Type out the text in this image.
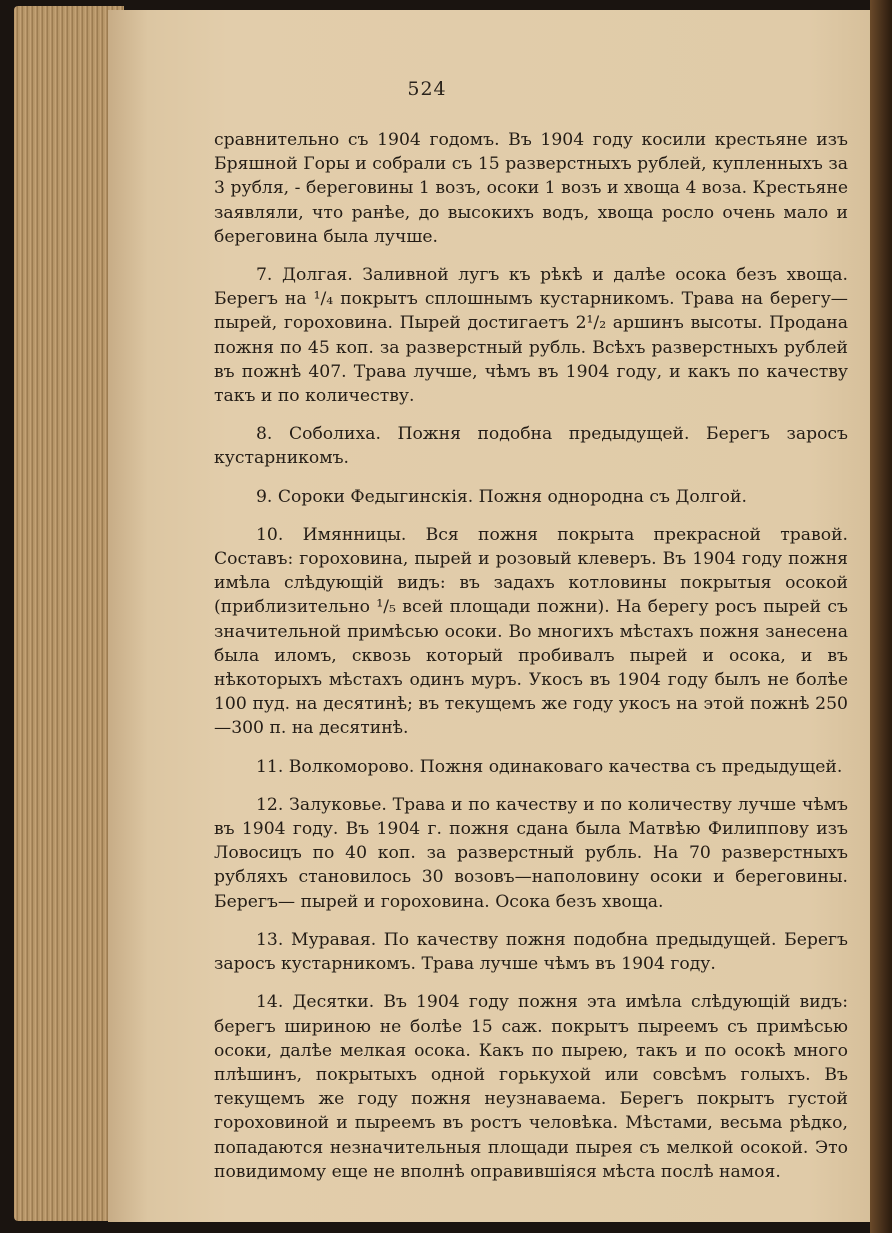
524

сравнительно съ 1904 годомъ. Въ 1904 году косили крестьяне изъ Бряшной Горы и собрали съ 15 разверстныхъ рублей, купленныхъ за 3 рубля, - береговины 1 возъ, осоки 1 возъ и хвоща 4 воза. Крестьяне заявляли, что ранѣе, до высокихъ водъ, хвоща росло очень мало и береговина была лучше.

7. Долгая. Заливной лугъ къ рѣкѣ и далѣе осока безъ хвоща. Берегъ на ¹/₄ покрытъ сплошнымъ кустарникомъ. Трава на берегу— пырей, гороховина. Пырей достигаетъ 2¹/₂ аршинъ высоты. Продана пожня по 45 коп. за разверстный рубль. Всѣхъ разверстныхъ рублей въ пожнѣ 407. Трава лучше, чѣмъ въ 1904 году, и какъ по качеству такъ и по количеству.

8. Соболиха. Пожня подобна предыдущей. Берегъ заросъ кустарникомъ.

9. Сороки Федыгинскія. Пожня однородна съ Долгой.

10. Имянницы. Вся пожня покрыта прекрасной травой. Составъ: гороховина, пырей и розовый клеверъ. Въ 1904 году пожня имѣла слѣдующій видъ: въ задахъ котловины покрытыя осокой (приблизительно ¹/₅ всей площади пожни). На берегу росъ пырей съ значительной примѣсью осоки. Во многихъ мѣстахъ пожня занесена была иломъ, сквозь который пробивалъ пырей и осока, и въ нѣкоторыхъ мѣстахъ одинъ муръ. Укосъ въ 1904 году былъ не болѣе 100 пуд. на десятинѣ; въ текущемъ же году укосъ на этой пожнѣ 250—300 п. на десятинѣ.

11. Волкоморово. Пожня одинаковаго качества съ предыдущей.

12. Залуковье. Трава и по качеству и по количеству лучше чѣмъ въ 1904 году. Въ 1904 г. пожня сдана была Матвѣю Филиппову изъ Ловосицъ по 40 коп. за разверстный рубль. На 70 разверстныхъ рубляхъ становилось 30 возовъ—наполовину осоки и береговины. Берегъ— пырей и гороховина. Осока безъ хвоща.

13. Муравая. По качеству пожня подобна предыдущей. Берегъ заросъ кустарникомъ. Трава лучше чѣмъ въ 1904 году.

14. Десятки. Въ 1904 году пожня эта имѣла слѣдующій видъ: берегъ шириною не болѣе 15 саж. покрытъ пыреемъ съ примѣсью осоки, далѣе мелкая осока. Какъ по пырею, такъ и по осокѣ много плѣшинъ, покрытыхъ одной горькухой или совсѣмъ голыхъ. Въ текущемъ же году пожня неузнаваема. Берегъ покрытъ густой гороховиной и пыреемъ въ ростъ человѣка. Мѣстами, весьма рѣдко, попадаются незначительныя площади пырея съ мелкой осокой. Это повидимому еще не вполнѣ оправившіяся мѣста послѣ намоя.
